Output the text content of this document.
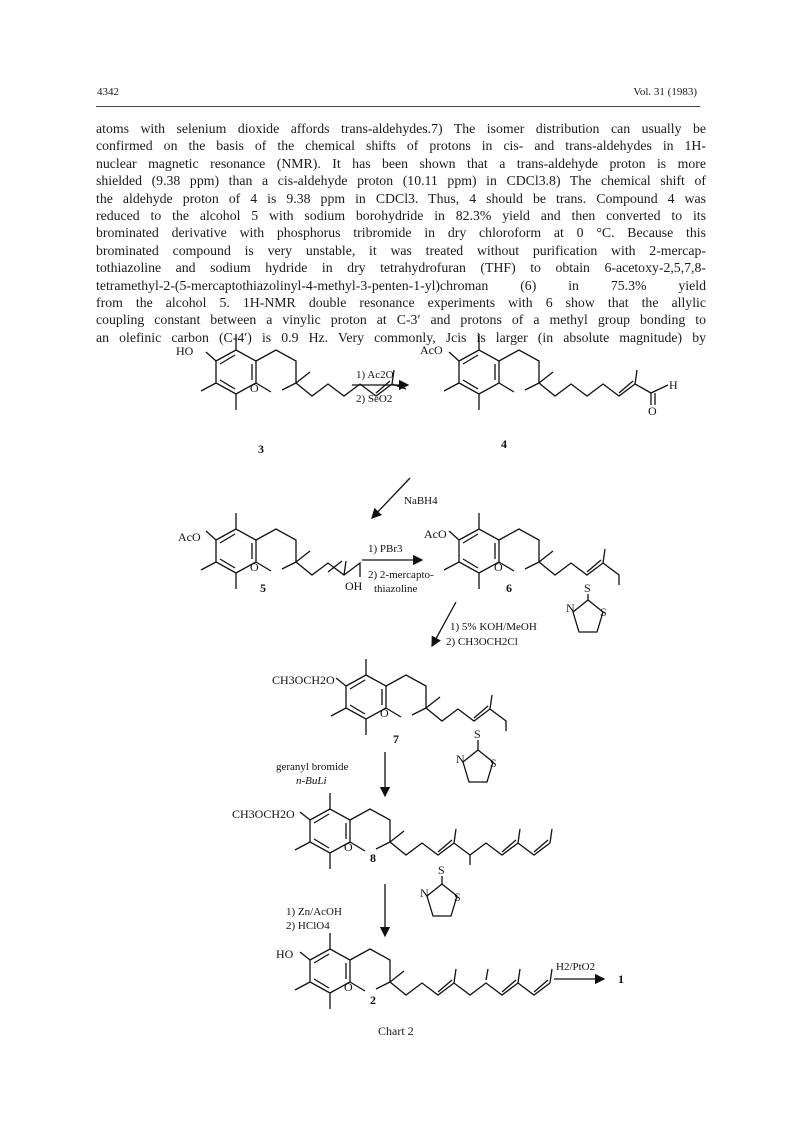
4342	Vol. 31 (1983)

atoms with selenium dioxide affords trans-aldehydes.7) The isomer distribution can usually be
confirmed on the basis of the chemical shifts of protons in cis- and trans-aldehydes in 1H-
nuclear magnetic resonance (NMR). It has been shown that a trans-aldehyde proton is more
shielded (9.38 ppm) than a cis-aldehyde proton (10.11 ppm) in CDCl3.8) The chemical shift of
the aldehyde proton of 4 is 9.38 ppm in CDCl3. Thus, 4 should be trans. Compound 4 was
reduced to the alcohol 5 with sodium borohydride in 82.3% yield and then converted to its
brominated derivative with phosphorus tribromide in dry chloroform at 0 °C. Because this
brominated compound is very unstable, it was treated without purification with 2-mercap-
tothiazoline and sodium hydride in dry tetrahydrofuran (THF) to obtain 6-acetoxy-2,5,7,8-
tetramethyl-2-(5-mercaptothiazolinyl-4-methyl-3-penten-1-yl)chroman (6) in 75.3% yield
from the alcohol 5. 1H-NMR double resonance experiments with 6 show that the allylic
coupling constant between a vinylic proton at C-3′ and protons of a methyl group bonding to
an olefinic carbon (C-4′) is 0.9 Hz. Very commonly, Jcis is larger (in absolute magnitude) by

HO
O
3
1) Ac2O
2) SeO2
AcO
H
O
4
NaBH4
AcO
O
OH
5
1) PBr3
2) 2-mercapto-
thiazoline
AcO
O
S
N S
6
1) 5% KOH/MeOH
2) CH3OCH2Cl
CH3OCH2O
O
S
N S
7
geranyl bromide
n-BuLi
CH3OCH2O
O
S
N S
8
1) Zn/AcOH
2) HClO4
HO
O
2
H2/PtO2
1
Chart 2
